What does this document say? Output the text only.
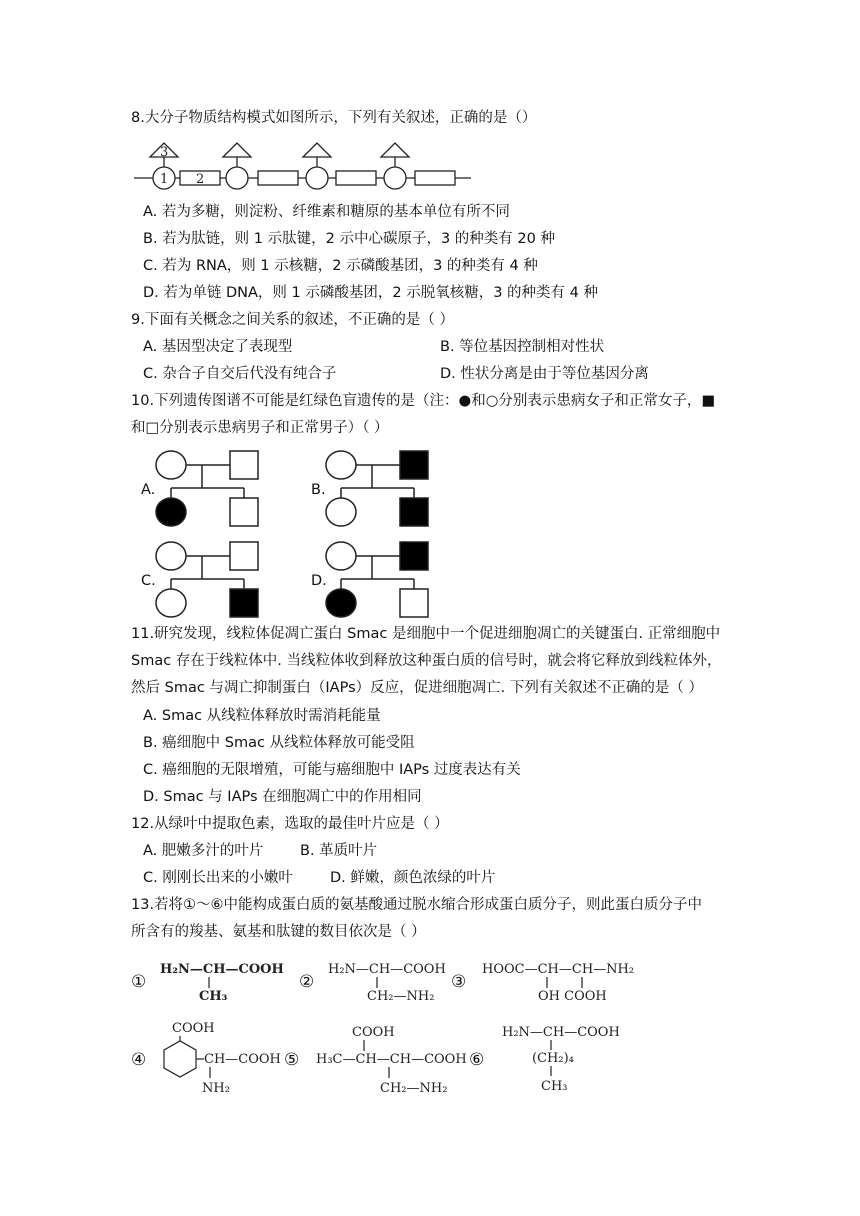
8.大分子物质结构模式如图所示，下列有关叙述，正确的是（）
1 2
3
A. 若为多糖，则淀粉、纤维素和糖原的基本单位有所不同
B. 若为肽链，则 1 示肽键，2 示中心碳原子，3 的种类有 20 种
C. 若为 RNA，则 1 示核糖，2 示磷酸基团，3 的种类有 4 种
D. 若为单链 DNA，则 1 示磷酸基团，2 示脱氧核糖，3 的种类有 4 种
9.下面有关概念之间关系的叙述，不正确的是（ ）
A. 基因型决定了表现型	B. 等位基因控制相对性状
C. 杂合子自交后代没有纯合子	D. 性状分离是由于等位基因分离
10.下列遗传图谱不可能是红绿色盲遗传的是（注：●和○分别表示患病女子和正常女子，■
和□分别表示患病男子和正常男子）（ ）
A.	B.
C.	D.
11.研究发现，线粒体促凋亡蛋白 Smac 是细胞中一个促进细胞凋亡的关键蛋白. 正常细胞中
Smac 存在于线粒体中. 当线粒体收到释放这种蛋白质的信号时，就会将它释放到线粒体外，
然后 Smac 与凋亡抑制蛋白（IAPs）反应，促进细胞凋亡. 下列有关叙述不正确的是（ ）
A. Smac 从线粒体释放时需消耗能量
B. 癌细胞中 Smac 从线粒体释放可能受阻
C. 癌细胞的无限增殖，可能与癌细胞中 IAPs 过度表达有关
D. Smac 与 IAPs 在细胞凋亡中的作用相同
12.从绿叶中提取色素，选取的最佳叶片应是（ ）
A. 肥嫩多汁的叶片	B. 革质叶片
C. 刚刚长出来的小嫩叶	D. 鲜嫩，颜色浓绿的叶片
13.若将①～⑥中能构成蛋白质的氨基酸通过脱水缩合形成蛋白质分子，则此蛋白质分子中
所含有的羧基、氨基和肽键的数目依次是（ ）
①
H₂N—CH—COOH
CH₃
②
H₂N—CH—COOH
CH₂—NH₂
③
HOOC—CH—CH—NH₂
OH COOH
④
COOH
CH—COOH
NH₂
⑤
COOH
H₃C—CH—CH—COOH
CH₂—NH₂
⑥
H₂N—CH—COOH
(CH₂)₄
CH₃
